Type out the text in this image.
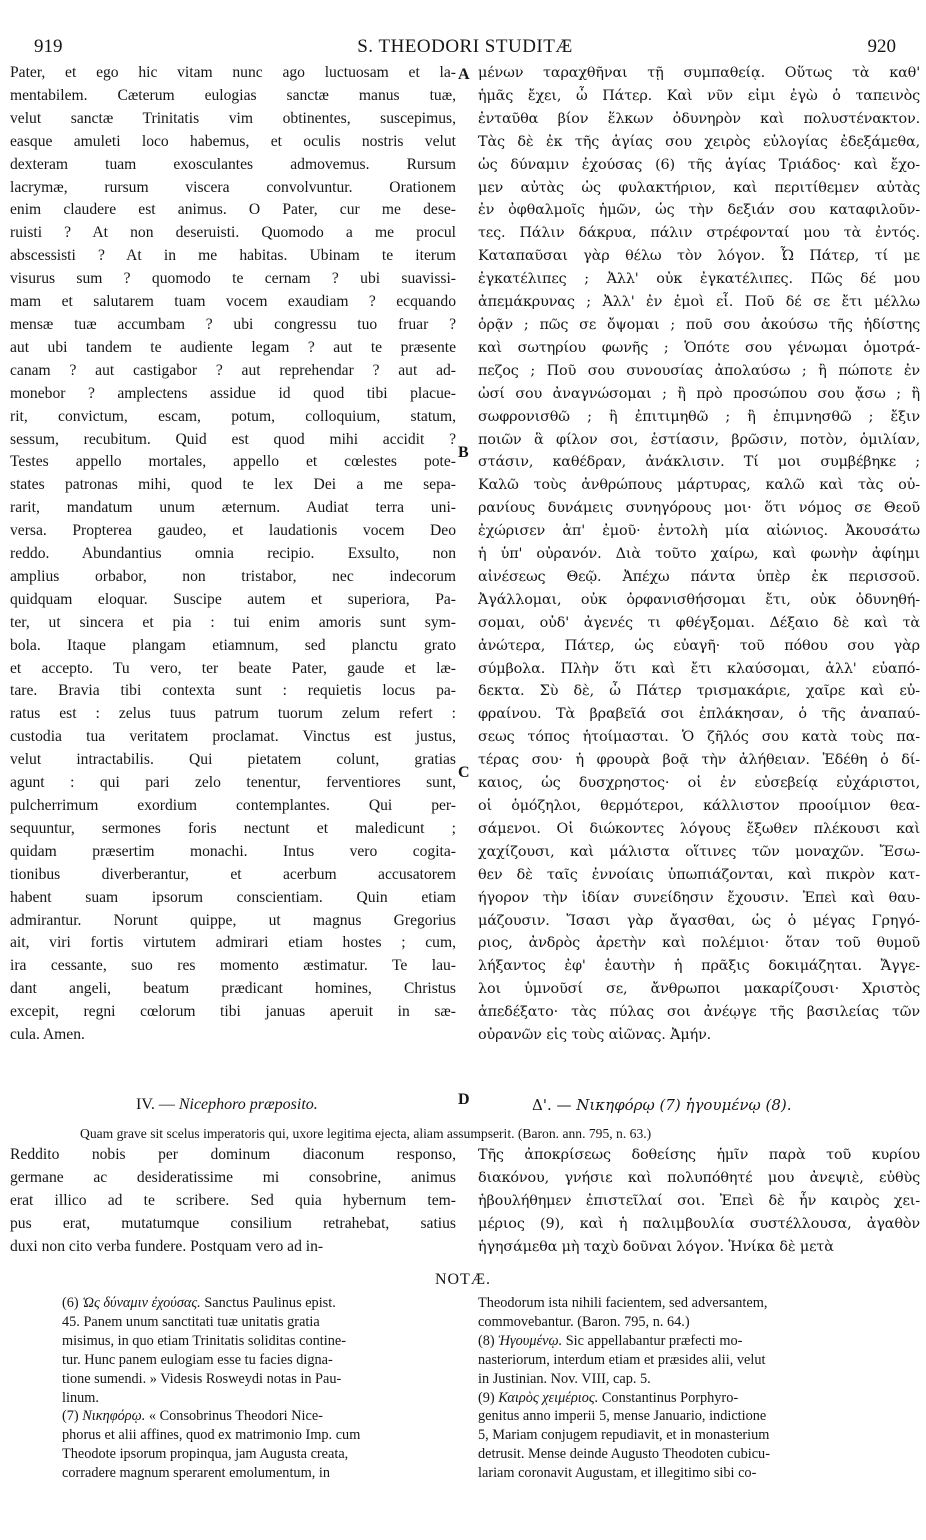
919	S. THEODORI STUDITÆ	920
A
B
C
D
Pater, et ego hic vitam nunc ago luctuosam et la-
mentabilem. Cæterum eulogias sanctæ manus tuæ,
velut sanctæ Trinitatis vim obtinentes, suscepimus,
easque amuleti loco habemus, et oculis nostris velut
dexteram tuam exosculantes admovemus. Rursum
lacrymæ, rursum viscera convolvuntur. Orationem
enim claudere est animus. O Pater, cur me dese-
ruisti ? At non deseruisti. Quomodo a me procul
abscessisti ? At in me habitas. Ubinam te iterum
visurus sum ? quomodo te cernam ? ubi suavissi-
mam et salutarem tuam vocem exaudiam ? ecquando
mensæ tuæ accumbam ? ubi congressu tuo fruar ?
aut ubi tandem te audiente legam ? aut te præsente
canam ? aut castigabor ? aut reprehendar ? aut ad-
monebor ? amplectens assidue id quod tibi placue-
rit, convictum, escam, potum, colloquium, statum,
sessum, recubitum. Quid est quod mihi accidit ?
Testes appello mortales, appello et cœlestes pote-
states patronas mihi, quod te lex Dei a me sepa-
rarit, mandatum unum æternum. Audiat terra uni-
versa. Propterea gaudeo, et laudationis vocem Deo
reddo. Abundantius omnia recipio. Exsulto, non
amplius orbabor, non tristabor, nec indecorum
quidquam eloquar. Suscipe autem et superiora, Pa-
ter, ut sincera et pia : tui enim amoris sunt sym-
bola. Itaque plangam etiamnum, sed planctu grato
et accepto. Tu vero, ter beate Pater, gaude et læ-
tare. Bravia tibi contexta sunt : requietis locus pa-
ratus est : zelus tuus patrum tuorum zelum refert :
custodia tua veritatem proclamat. Vinctus est justus,
velut intractabilis. Qui pietatem colunt, gratias
agunt : qui pari zelo tenentur, ferventiores sunt,
pulcherrimum exordium contemplantes. Qui per-
sequuntur, sermones foris nectunt et maledicunt ;
quidam præsertim monachi. Intus vero cogita-
tionibus diverberantur, et acerbum accusatorem
habent suam ipsorum conscientiam. Quin etiam
admirantur. Norunt quippe, ut magnus Gregorius
ait, viri fortis virtutem admirari etiam hostes ; cum,
ira cessante, suo res momento æstimatur. Te lau-
dant angeli, beatum prædicant homines, Christus
excepit, regni cœlorum tibi januas aperuit in sæ-
cula. Amen.
μένων ταραχθῆναι τῇ συμπαθείᾳ. Οὕτως τὰ καθ'
ἡμᾶς ἔχει, ὦ Πάτερ. Καὶ νῦν εἰμι ἐγὼ ὁ ταπεινὸς
ἐνταῦθα βίον ἕλκων ὀδυνηρὸν καὶ πολυστένακτον.
Τὰς δὲ ἐκ τῆς ἁγίας σου χειρὸς εὐλογίας ἐδεξάμεθα,
ὡς δύναμιν ἐχούσας (6) τῆς ἁγίας Τριάδος· καὶ ἔχο-
μεν αὐτὰς ὡς φυλακτήριον, καὶ περιτίθεμεν αὐτὰς
ἐν ὀφθαλμοῖς ἡμῶν, ὡς τὴν δεξιάν σου καταφιλοῦν-
τες. Πάλιν δάκρυα, πάλιν στρέφονταί μου τὰ ἐντός.
Καταπαῦσαι γὰρ θέλω τὸν λόγον. Ὦ Πάτερ, τί με
ἐγκατέλιπες ; Ἀλλ' οὐκ ἐγκατέλιπες. Πῶς δέ μου
ἀπεμάκρυνας ; Ἀλλ' ἐν ἐμοὶ εἶ. Ποῦ δέ σε ἔτι μέλλω
ὁρᾷν ; πῶς σε ὄψομαι ; ποῦ σου ἀκούσω τῆς ἡδίστης
καὶ σωτηρίου φωνῆς ; Ὁπότε σου γένωμαι ὁμοτρά-
πεζος ; Ποῦ σου συνουσίας ἀπολαύσω ; ἢ πώποτε ἐν
ὠσί σου ἀναγνώσομαι ; ἢ πρὸ προσώπου σου ᾄσω ; ἢ
σωφρονισθῶ ; ἢ ἐπιτιμηθῶ ; ἢ ἐπιμνησθῶ ; ἔξιν
ποιῶν ἃ φίλον σοι, ἑστίασιν, βρῶσιν, ποτὸν, ὁμιλίαν,
στάσιν, καθέδραν, ἀνάκλισιν. Τί μοι συμβέβηκε ;
Καλῶ τοὺς ἀνθρώπους μάρτυρας, καλῶ καὶ τὰς οὐ-
ρανίους δυνάμεις συνηγόρους μοι· ὅτι νόμος σε Θεοῦ
ἐχώρισεν ἀπ' ἐμοῦ· ἐντολὴ μία αἰώνιος. Ἀκουσάτω
ἡ ὑπ' οὐρανόν. Διὰ τοῦτο χαίρω, καὶ φωνὴν ἀφίημι
αἰνέσεως Θεῷ. Ἀπέχω πάντα ὑπὲρ ἐκ περισσοῦ.
Ἀγάλλομαι, οὐκ ὀρφανισθήσομαι ἔτι, οὐκ ὀδυνηθή-
σομαι, οὐδ' ἀγενές τι φθέγξομαι. Δέξαιο δὲ καὶ τὰ
ἀνώτερα, Πάτερ, ὡς εὐαγῆ· τοῦ πόθου σου γὰρ
σύμβολα. Πλὴν ὅτι καὶ ἔτι κλαύσομαι, ἀλλ' εὐαπό-
δεκτα. Σὺ δὲ, ὦ Πάτερ τρισμακάριε, χαῖρε καὶ εὐ-
φραίνου. Τὰ βραβεῖά σοι ἐπλάκησαν, ὁ τῆς ἀναπαύ-
σεως τόπος ἡτοίμασται. Ὁ ζῆλός σου κατὰ τοὺς πα-
τέρας σου· ἡ φρουρὰ βοᾷ τὴν ἀλήθειαν. Ἐδέθη ὁ δί-
καιος, ὡς δυσχρηστος· οἱ ἐν εὐσεβείᾳ εὐχάριστοι,
οἱ ὁμόζηλοι, θερμότεροι, κάλλιστον προοίμιον θεα-
σάμενοι. Οἱ διώκοντες λόγους ἔξωθεν πλέκουσι καὶ
χαχίζουσι, καὶ μάλιστα οἵτινες τῶν μοναχῶν. Ἔσω-
θεν δὲ ταῖς ἐννοίαις ὑπωπιάζονται, καὶ πικρὸν κατ-
ήγορον τὴν ἰδίαν συνείδησιν ἔχουσιν. Ἐπεὶ καὶ θαυ-
μάζουσιν. Ἴσασι γὰρ ἄγασθαι, ὡς ὁ μέγας Γρηγό-
ριος, ἀνδρὸς ἀρετὴν καὶ πολέμιοι· ὅταν τοῦ θυμοῦ
λήξαντος ἐφ' ἑαυτὴν ἡ πρᾶξις δοκιμάζηται. Ἄγγε-
λοι ὑμνοῦσί σε, ἄνθρωποι μακαρίζουσι· Χριστὸς
ἀπεδέξατο· τὰς πύλας σοι ἀνέῳγε τῆς βασιλείας τῶν
οὐρανῶν εἰς τοὺς αἰῶνας. Ἀμήν.
IV. — Nicephoro præposito.	Δ'. — Νικηφόρῳ (7) ἡγουμένῳ (8).
Quam grave sit scelus imperatoris qui, uxore legitima ejecta, aliam assumpserit. (Baron. ann. 795, n. 63.)
Reddito nobis per dominum diaconum responso,
germane ac desideratissime mi consobrine, animus
erat illico ad te scribere. Sed quia hybernum tem-
pus erat, mutatumque consilium retrahebat, satius
duxi non cito verba fundere. Postquam vero ad in-
Τῆς ἀποκρίσεως δοθείσης ἡμῖν παρὰ τοῦ κυρίου
διακόνου, γνήσιε καὶ πολυπόθητέ μου ἀνεψιὲ, εὐθὺς
ἠβουλήθημεν ἐπιστεῖλαί σοι. Ἐπεὶ δὲ ἦν καιρὸς χει-
μέριος (9), καὶ ἡ παλιμβουλία συστέλλουσα, ἀγαθὸν
ἡγησάμεθα μὴ ταχὺ δοῦναι λόγον. Ἡνίκα δὲ μετὰ
NOTÆ.
(6) Ὡς δύναμιν ἐχούσας. Sanctus Paulinus epist.
45. Panem unum sanctitati tuæ unitatis gratia
misimus, in quo etiam Trinitatis soliditas contine-
tur. Hunc panem eulogiam esse tu facies digna-
tione sumendi. » Videsis Rosweydi notas in Pau-
linum.
(7) Νικηφόρῳ. « Consobrinus Theodori Nice-
phorus et alii affines, quod ex matrimonio Imp. cum
Theodote ipsorum propinqua, jam Augusta creata,
corradere magnum sperarent emolumentum, in
Theodorum ista nihili facientem, sed adversantem,
commovebantur. (Baron. 795, n. 64.)
(8) Ἡγουμένῳ. Sic appellabantur præfecti mo-
nasteriorum, interdum etiam et præsides alii, velut
in Justinian. Nov. VIII, cap. 5.
(9) Καιρὸς χειμέριος. Constantinus Porphyro-
genitus anno imperii 5, mense Januario, indictione
5, Mariam conjugem repudiavit, et in monasterium
detrusit. Mense deinde Augusto Theodoten cubicu-
lariam coronavit Augustam, et illegitimo sibi co-
